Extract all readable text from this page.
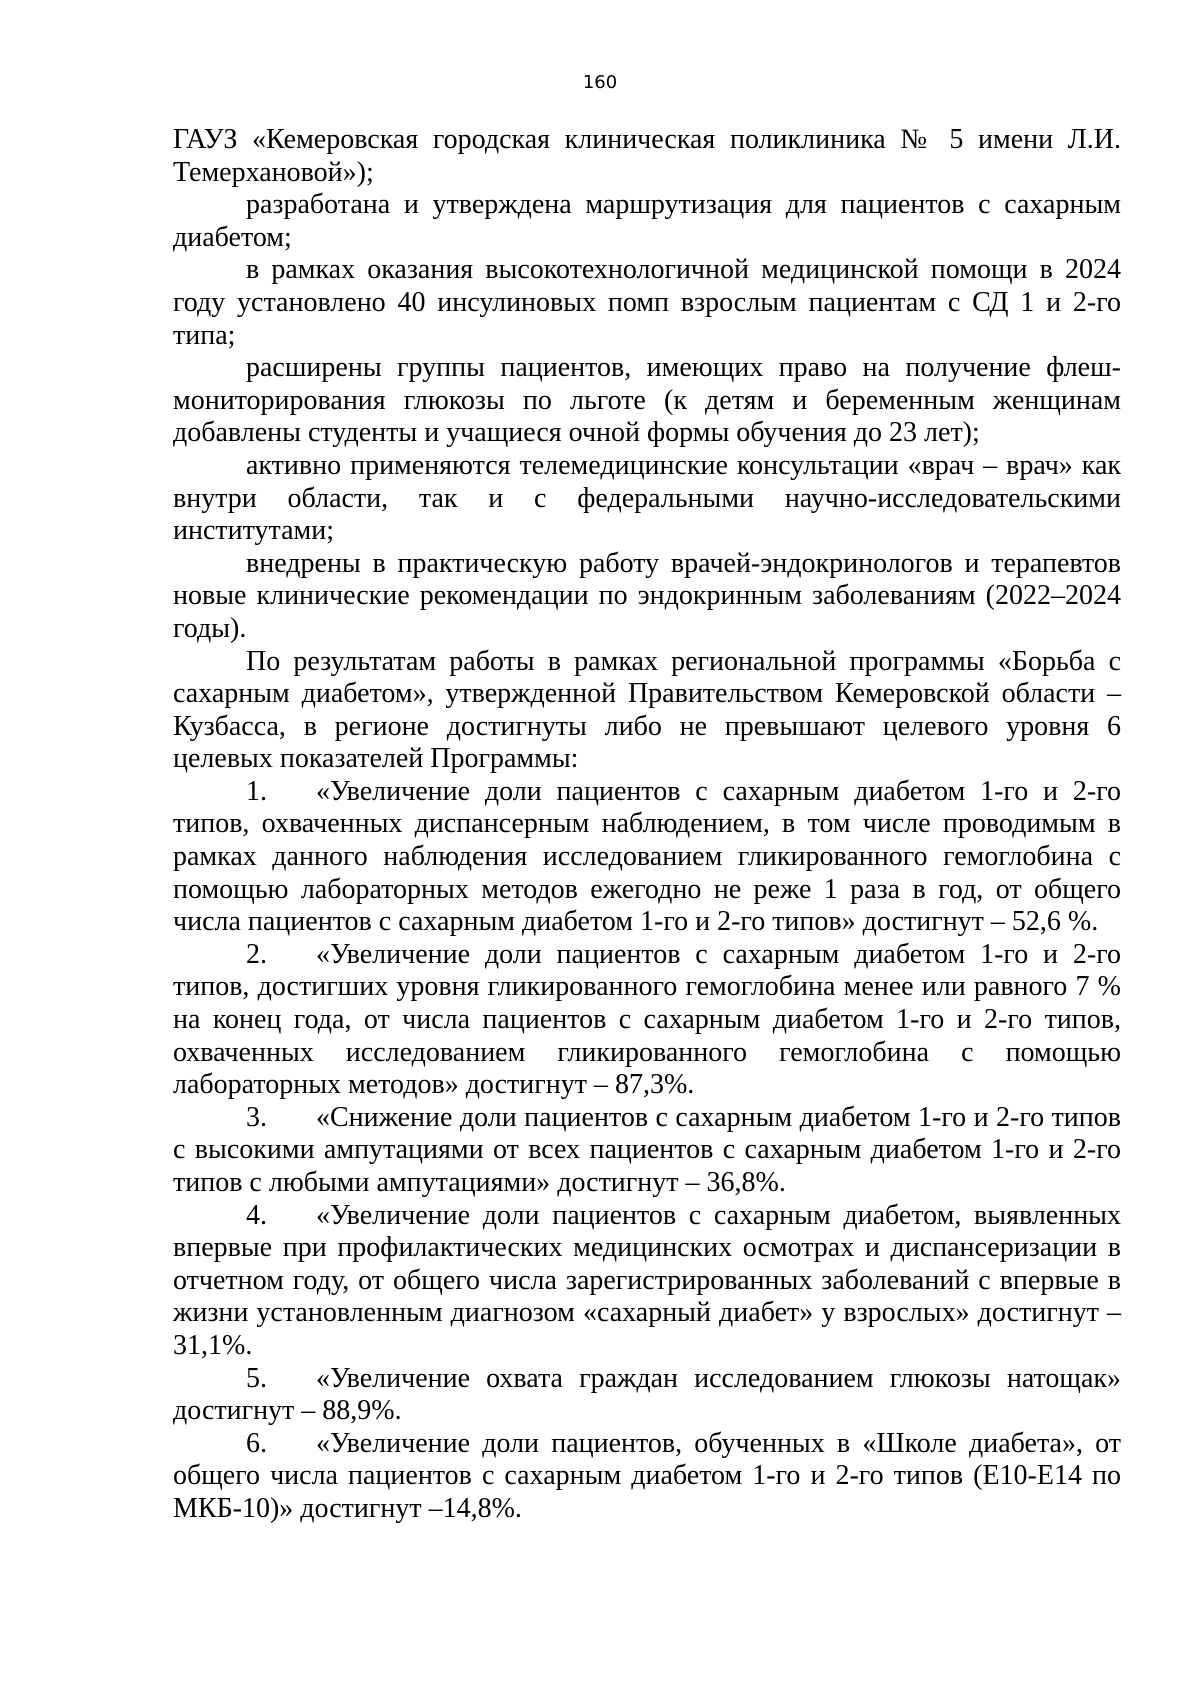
160

ГАУЗ «Кемеровская городская клиническая поликлиника № 5 имени Л.И. Темерхановой»);

разработана и утверждена маршрутизация для пациентов с сахарным диабетом;

в рамках оказания высокотехнологичной медицинской помощи в 2024 году установлено 40 инсулиновых помп взрослым пациентам с СД 1 и 2-го типа;

расширены группы пациентов, имеющих право на получение флеш-мониторирования глюкозы по льготе (к детям и беременным женщинам добавлены студенты и учащиеся очной формы обучения до 23 лет);

активно применяются телемедицинские консультации «врач – врач» как внутри области, так и с федеральными научно-исследовательскими институтами;

внедрены в практическую работу врачей-эндокринологов и терапевтов новые клинические рекомендации по эндокринным заболеваниям (2022–2024 годы).

По результатам работы в рамках региональной программы «Борьба с сахарным диабетом», утвержденной Правительством Кемеровской области – Кузбасса, в регионе достигнуты либо не превышают целевого уровня 6 целевых показателей Программы:

1. «Увеличение доли пациентов с сахарным диабетом 1-го и 2-го типов, охваченных диспансерным наблюдением, в том числе проводимым в рамках данного наблюдения исследованием гликированного гемоглобина с помощью лабораторных методов ежегодно не реже 1 раза в год, от общего числа пациентов с сахарным диабетом 1-го и 2-го типов» достигнут – 52,6 %.

2. «Увеличение доли пациентов с сахарным диабетом 1-го и 2-го типов, достигших уровня гликированного гемоглобина менее или равного 7 % на конец года, от числа пациентов с сахарным диабетом 1-го и 2-го типов, охваченных исследованием гликированного гемоглобина с помощью лабораторных методов» достигнут – 87,3%.

3. «Снижение доли пациентов с сахарным диабетом 1-го и 2-го типов с высокими ампутациями от всех пациентов с сахарным диабетом 1-го и 2-го типов с любыми ампутациями» достигнут – 36,8%.

4. «Увеличение доли пациентов с сахарным диабетом, выявленных впервые при профилактических медицинских осмотрах и диспансеризации в отчетном году, от общего числа зарегистрированных заболеваний с впервые в жизни установленным диагнозом «сахарный диабет» у взрослых» достигнут – 31,1%.

5. «Увеличение охвата граждан исследованием глюкозы натощак» достигнут – 88,9%.

6. «Увеличение доли пациентов, обученных в «Школе диабета», от общего числа пациентов с сахарным диабетом 1-го и 2-го типов (Е10-Е14 по МКБ-10)» достигнут –14,8%.
